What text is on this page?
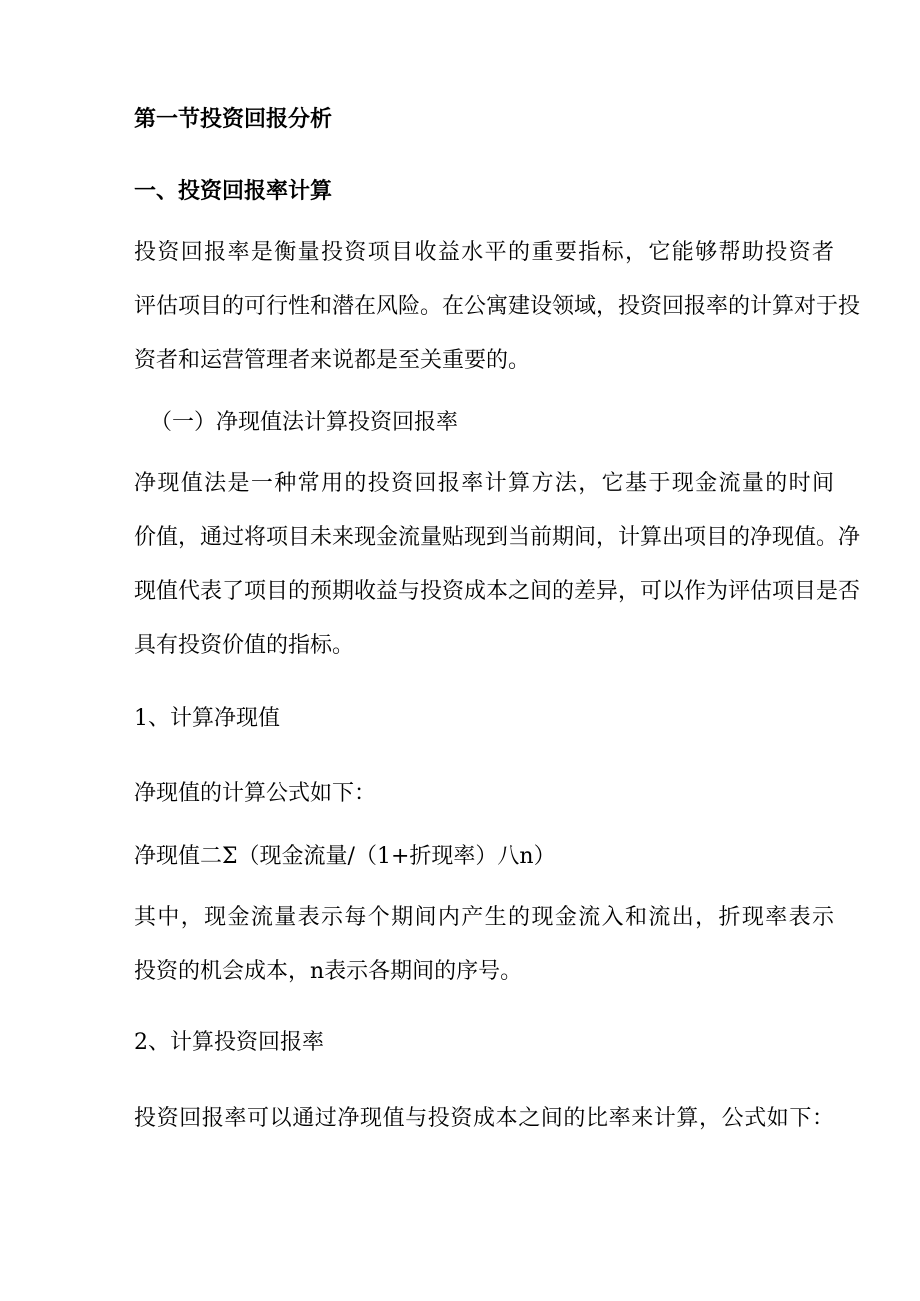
第一节投资回报分析

一、投资回报率计算

投资回报率是衡量投资项目收益水平的重要指标，它能够帮助投资者

评估项目的可行性和潜在风险。在公寓建设领域，投资回报率的计算对于投

资者和运营管理者来说都是至关重要的。

（一）净现值法计算投资回报率

净现值法是一种常用的投资回报率计算方法，它基于现金流量的时间

价值，通过将项目未来现金流量贴现到当前期间，计算出项目的净现值。净

现值代表了项目的预期收益与投资成本之间的差异，可以作为评估项目是否

具有投资价值的指标。

1、计算净现值

净现值的计算公式如下：

净现值二Σ（现金流量/（1+折现率）八n）

其中，现金流量表示每个期间内产生的现金流入和流出，折现率表示

投资的机会成本，n表示各期间的序号。

2、计算投资回报率

投资回报率可以通过净现值与投资成本之间的比率来计算，公式如下：
